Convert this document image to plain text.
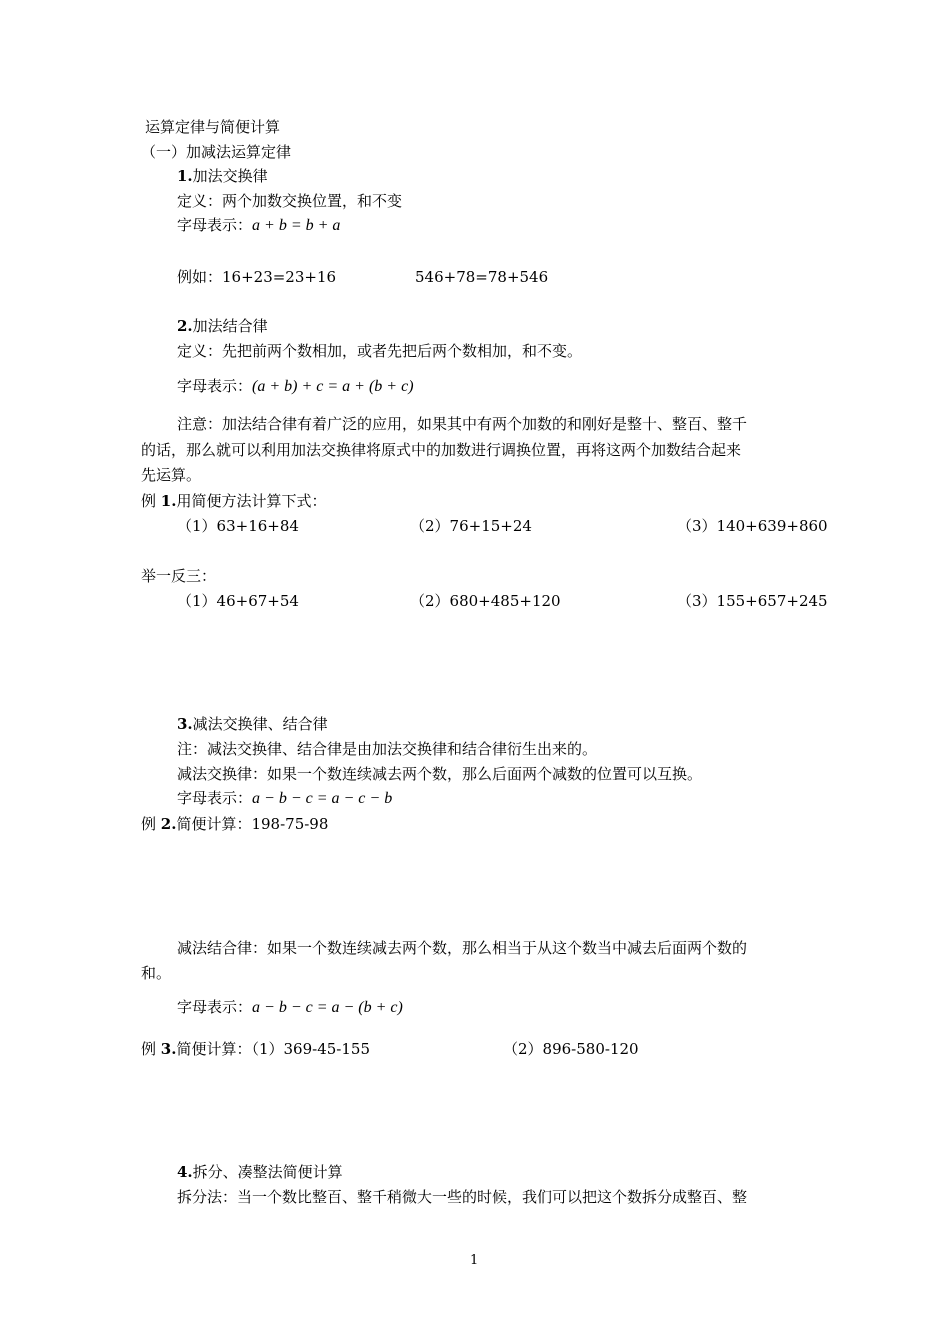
运算定律与简便计算
（一）加减法运算定律
1.加法交换律
定义：两个加数交换位置，和不变
字母表示：a + b = b + a
例如：16+23=23+16	546+78=78+546
2.加法结合律
定义：先把前两个数相加，或者先把后两个数相加，和不变。
字母表示：(a + b) + c = a + (b + c)
注意：加法结合律有着广泛的应用，如果其中有两个加数的和刚好是整十、整百、整千
的话，那么就可以利用加法交换律将原式中的加数进行调换位置，再将这两个加数结合起来
先运算。
例 1.用简便方法计算下式：
（1）63+16+84	（2）76+15+24	（3）140+639+860
举一反三：
（1）46+67+54	（2）680+485+120	（3）155+657+245
3.减法交换律、结合律
注：减法交换律、结合律是由加法交换律和结合律衍生出来的。
减法交换律：如果一个数连续减去两个数，那么后面两个减数的位置可以互换。
字母表示：a − b − c = a − c − b
例 2.简便计算：198-75-98
减法结合律：如果一个数连续减去两个数，那么相当于从这个数当中减去后面两个数的
和。
字母表示：a − b − c = a − (b + c)
例 3.简便计算：（1）369-45-155	（2）896-580-120
4.拆分、凑整法简便计算
拆分法：当一个数比整百、整千稍微大一些的时候，我们可以把这个数拆分成整百、整
1
